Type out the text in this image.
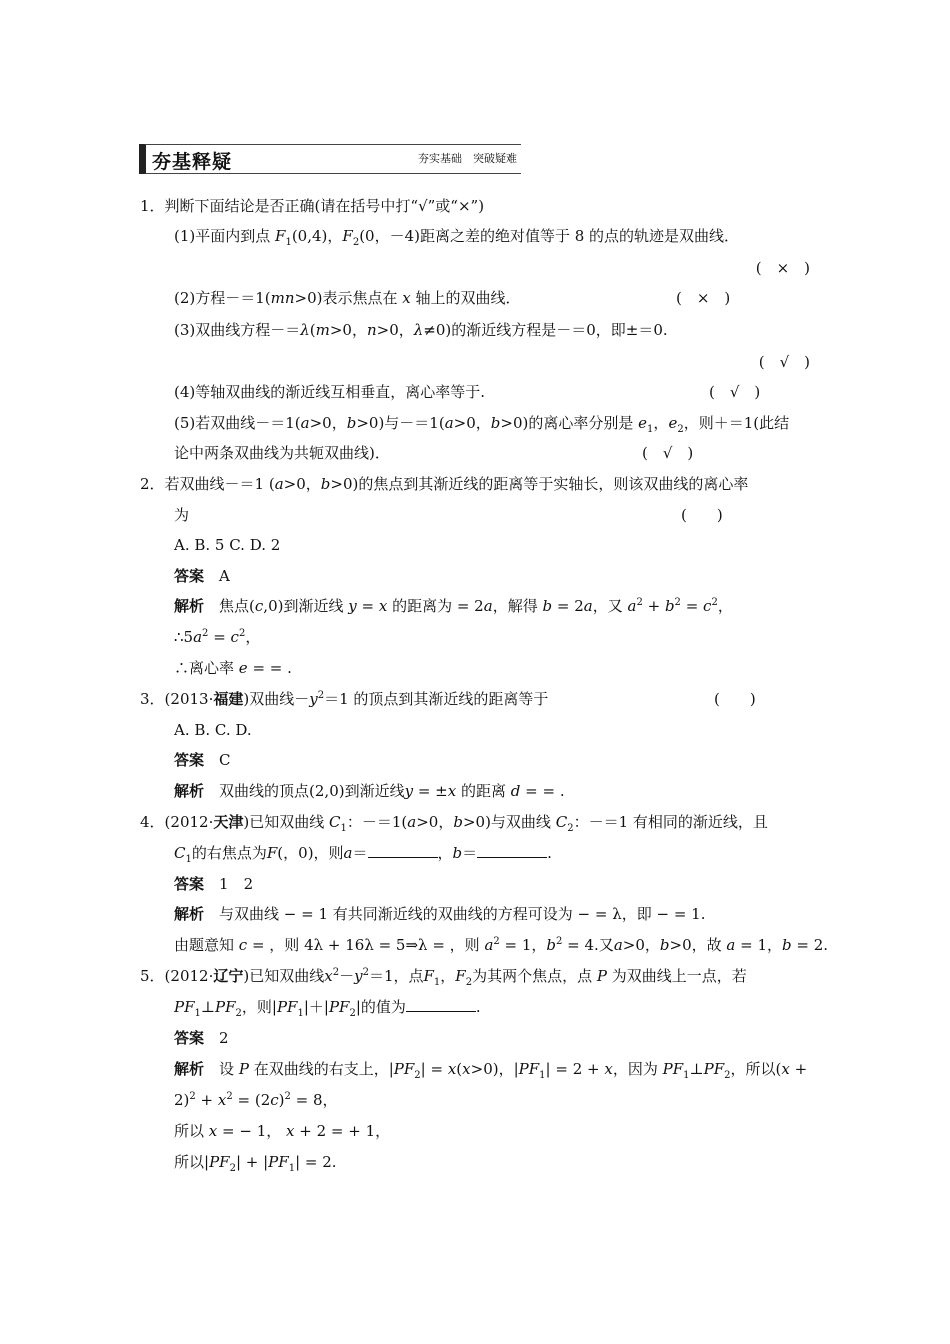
夯基释疑	夯实基础　突破疑难
1．判断下面结论是否正确(请在括号中打“√”或“×”)
(1)平面内到点 $F_1(0,4)$，$F_2(0$，－4)距离之差的绝对值等于 8 的点的轨迹是双曲线．
(　×　)
(2)方程－＝1(mn>0)表示焦点在 x 轴上的双曲线．	(　×　)
(3)双曲线方程－＝λ(m>0，n>0，λ≠0)的渐近线方程是－＝0，即±＝0.
(　√　)
(4)等轴双曲线的渐近线互相垂直，离心率等于.	(　√　)
(5)若双曲线－＝1(a>0，b>0)与－＝1(a>0，b>0)的离心率分别是 $e_1$，$e_2$，则＋＝1(此结
论中两条双曲线为共轭双曲线)．	(　√　)
2．若双曲线－＝1 (a>0，b>0)的焦点到其渐近线的距离等于实轴长，则该双曲线的离心率
为	(　　)
A. B. 5 C. D. 2
答案　 A
解析　 焦点(c,0)到渐近线 y = x 的距离为 = 2a，解得 b = 2a，又 $a^2 + b^2 = c^2$，
$\therefore 5a^2 = c^2$，
∴离心率 e = = .
3．(2013·福建)双曲线$-y^2=1$ 的顶点到其渐近线的距离等于	(　　)
A. B. C. D.
答案　 C
解析　 双曲线的顶点(2,0)到渐近线y = ±x 的距离 d = = .
4．(2012·天津)已知双曲线 $C_1$：－＝1(a>0，b>0)与双曲线 $C_2$：－＝1 有相同的渐近线，且
$C_1$的右焦点为F(，0)，则a＝	，b＝	.
答案　 1　2
解析　 与双曲线 − = 1 有共同渐近线的双曲线的方程可设为 − = λ，即 − = 1.
由题意知 c = ，则 4λ + 16λ = 5⇒λ = ，则 $a^2 = 1$，$b^2 = 4$.又a>0，b>0，故 a = 1，b = 2.
5．(2012·辽宁)已知双曲线$x^2-y^2=1$，点$F_1$，$F_2$为其两个焦点，点 P 为双曲线上一点，若
$PF_1\perp PF_2$，则$|PF_1|+|PF_2|$的值为	.
答案　 2
解析　 设 P 在双曲线的右支上，$|PF_2| = x(x>0)$，$|PF_1| = 2 + x$，因为 $PF_1\perp PF_2$，所以(x +
$2)^2 + x^2 = (2c)^2 = 8$，
所以 x = − 1， x + 2 = + 1，
所以$|PF_2| + |PF_1| = 2$.
